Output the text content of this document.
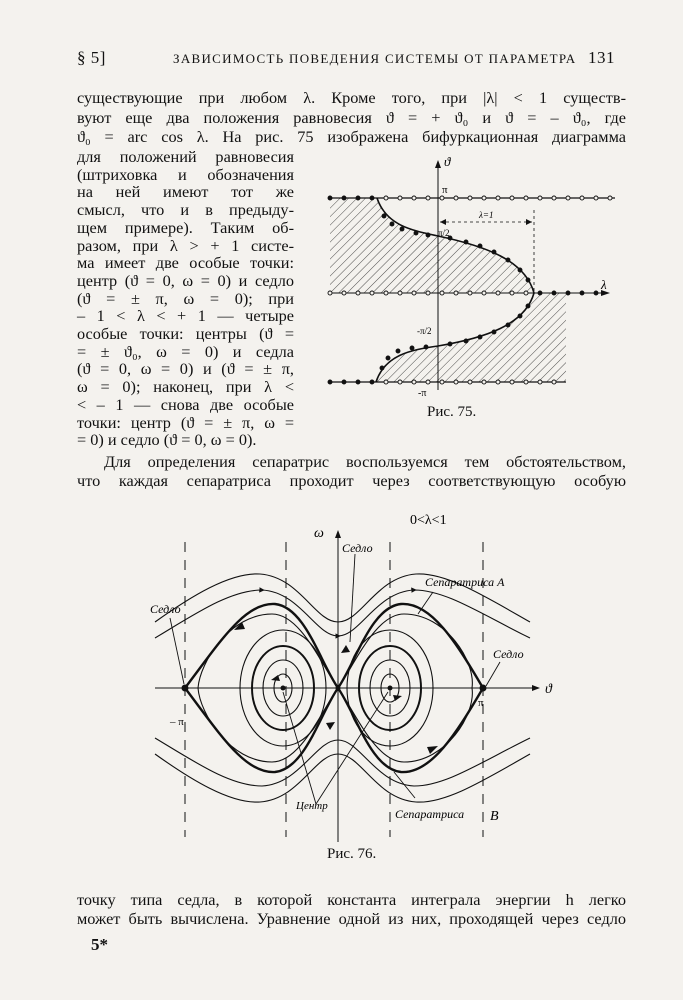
§ 5]	ЗАВИСИМОСТЬ ПОВЕДЕНИЯ СИСТЕМЫ ОТ ПАРАМЕТРА 131
существующие при любом λ. Кроме того, при |λ| < 1 существ-
вуют еще два положения равновесия ϑ = + ϑ₀ и ϑ = – ϑ₀, где
ϑ₀ = arc cos λ. На рис. 75 изображена бифуркационная диаграмма
для положений равновесия
(штриховка и обозначения
на ней имеют тот же
смысл, что и в предыду-
щем примере). Таким об-
разом, при λ > + 1 систе-
ма имеет две особые точки:
центр (ϑ = 0, ω = 0) и седло
(ϑ = ± π, ω = 0); при
– 1 < λ < + 1 — четыре
особые точки: центры (ϑ =
= ± ϑ₀, ω = 0) и седла
(ϑ = 0, ω = 0) и (ϑ = ± π,
ω = 0); наконец, при λ <
< – 1 — снова две особые
точки: центр (ϑ = ± π, ω =
= 0) и седло (ϑ = 0, ω = 0).
ϑ
λ
π
π/2
-π/2
-π
λ=1
Рис. 75.
Для определения сепаратрис воспользуемся тем обстоятельством,
что каждая сепаратриса проходит через соответствующую особую
0<λ<1
ω
ϑ
Седло
Седло
Седло
Сепаратриса A
Сепаратриса B
Центр
– π
π
Рис. 76.
точку типа седла, в которой константа интеграла энергии h легко
может быть вычислена. Уравнение одной из них, проходящей через седло
5*
